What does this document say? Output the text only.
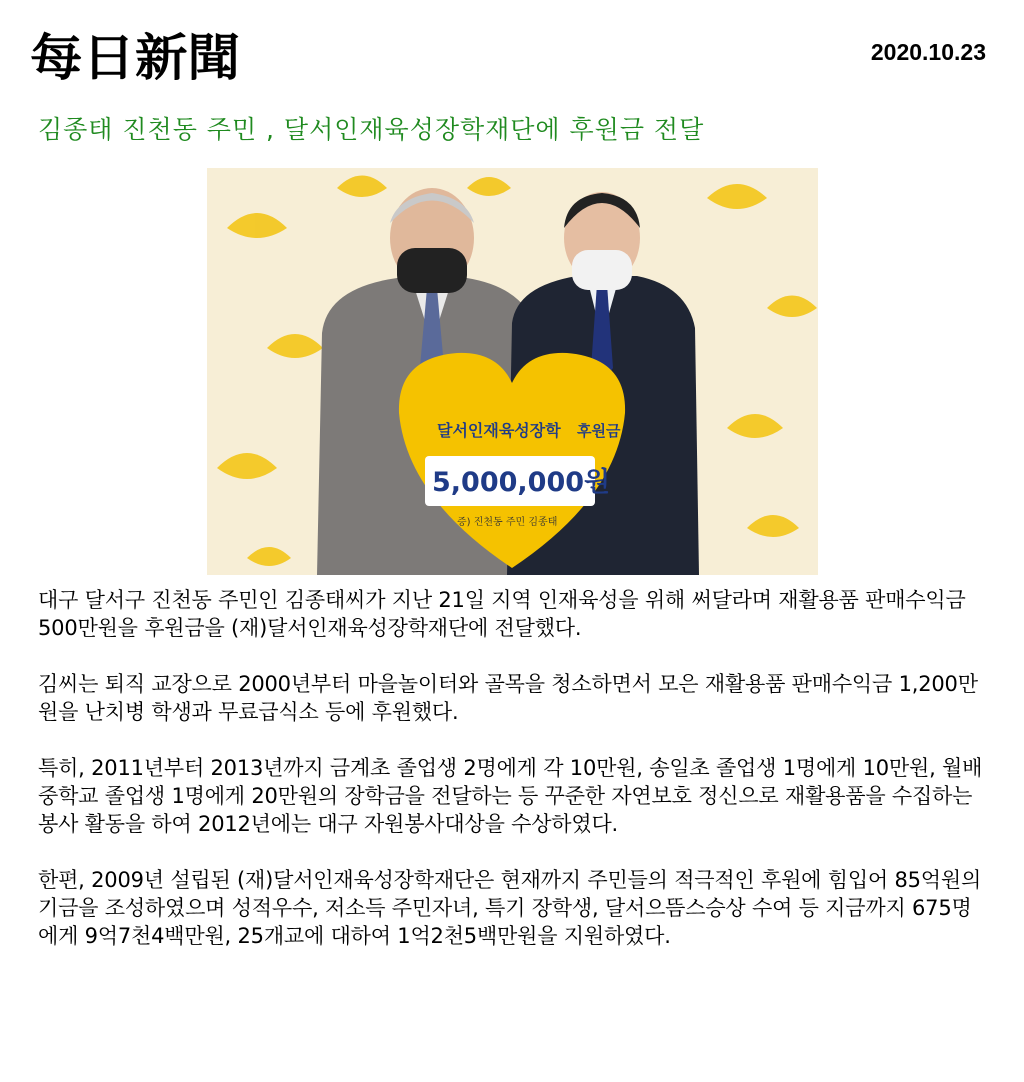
每日新聞	2020.10.23
김종태 진천동 주민 , 달서인재육성장학재단에 후원금 전달
달서인재육성장학 후원금
5,000,000원
증) 진천동 주민 김종태

대구 달서구 진천동 주민인 김종태씨가 지난 21일 지역 인재육성을 위해 써달라며 재활용품 판매수익금 500만원을 후원금을 (재)달서인재육성장학재단에 전달했다.

김씨는 퇴직 교장으로 2000년부터 마을놀이터와 골목을 청소하면서 모은 재활용품 판매수익금 1,200만원을 난치병 학생과 무료급식소 등에 후원했다.

특히, 2011년부터 2013년까지 금계초 졸업생 2명에게 각 10만원, 송일초 졸업생 1명에게 10만원, 월배중학교 졸업생 1명에게 20만원의 장학금을 전달하는 등 꾸준한 자연보호 정신으로 재활용품을 수집하는 봉사 활동을 하여 2012년에는 대구 자원봉사대상을 수상하였다.

한편, 2009년 설립된 (재)달서인재육성장학재단은 현재까지 주민들의 적극적인 후원에 힘입어 85억원의 기금을 조성하였으며 성적우수, 저소득 주민자녀, 특기 장학생, 달서으뜸스승상 수여 등 지금까지 675명에게 9억7천4백만원, 25개교에 대하여 1억2천5백만원을 지원하였다.
